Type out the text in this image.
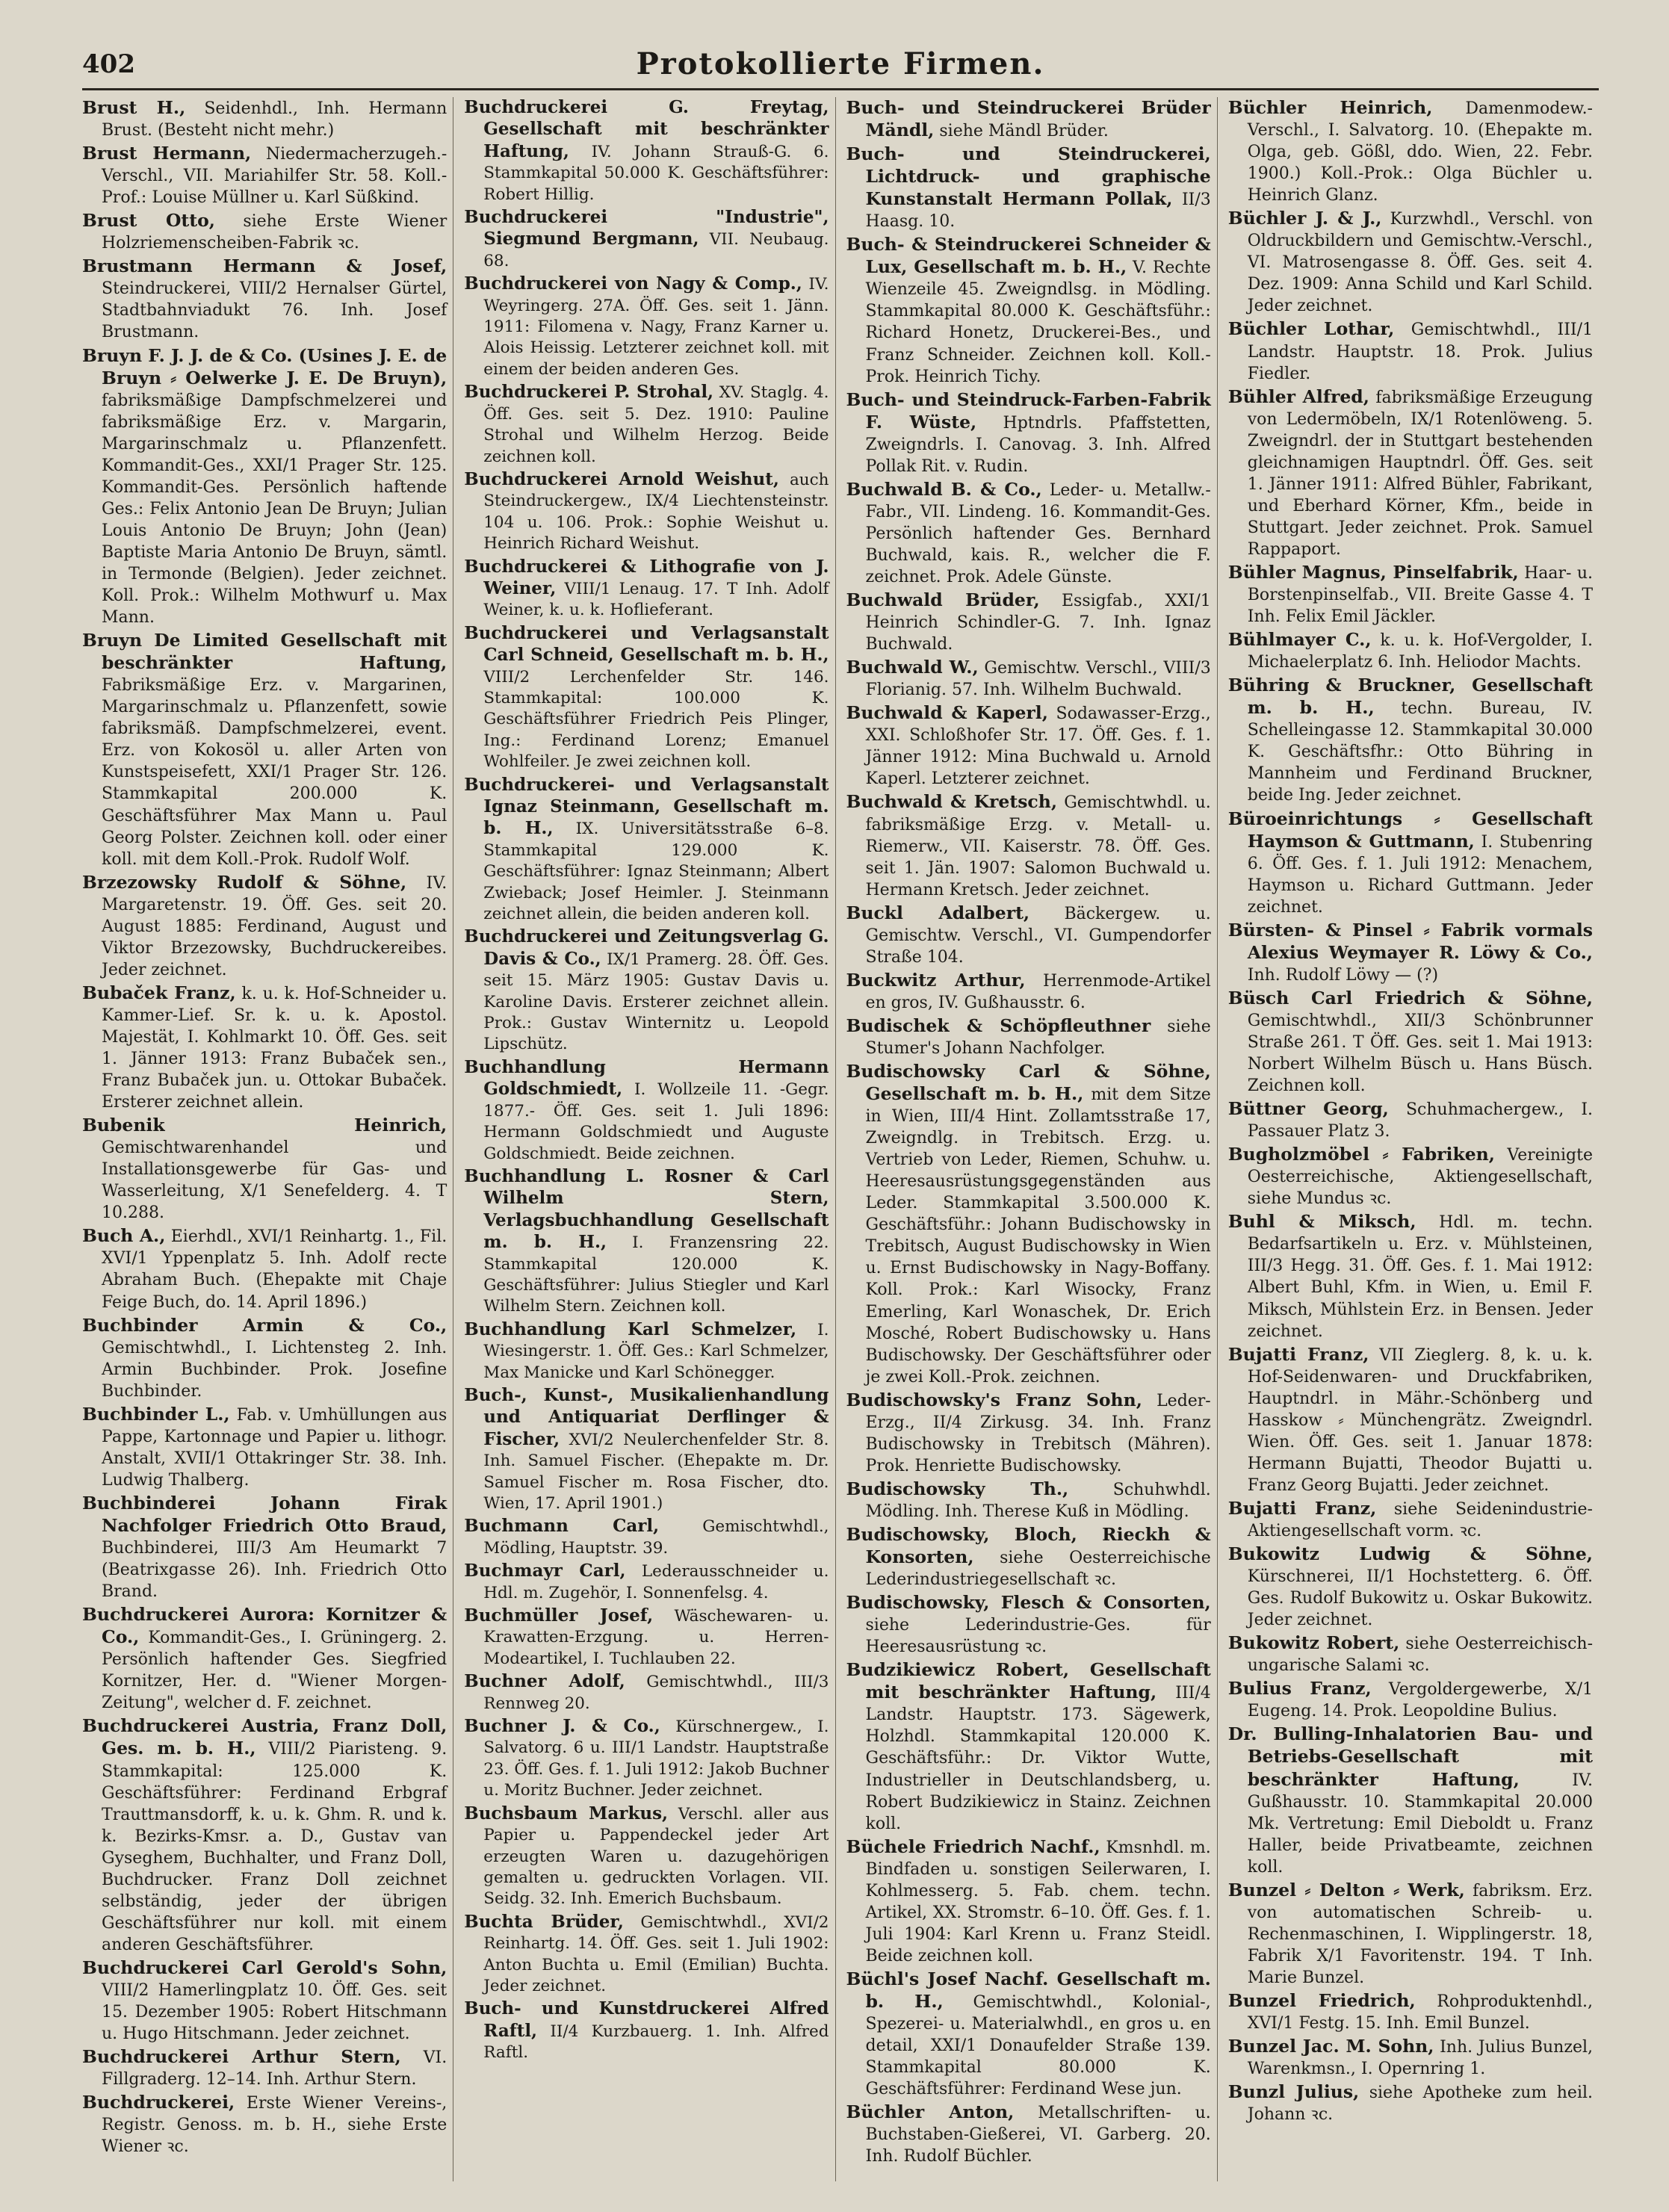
402	Protokollierte Firmen.

Brust H., Seidenhdl., Inh. Hermann Brust. (Besteht nicht mehr.)

Brust Hermann, Niedermacherzugeh.-Verschl., VII. Mariahilfer Str. 58. Koll.-Prof.: Louise Müllner u. Karl Süßkind.

Brust Otto, siehe Erste Wiener Holzriemenscheiben-Fabrik ꝛc.

Brustmann Hermann & Josef, Steindruckerei, VIII/2 Hernalser Gürtel, Stadtbahnviadukt 76. Inh. Josef Brustmann.

Bruyn F. J. J. de & Co. (Usines J. E. de Bruyn ⸗ Oelwerke J. E. De Bruyn), fabriksmäßige Dampfschmelzerei und fabriksmäßige Erz. v. Margarin, Margarinschmalz u. Pflanzenfett. Kommandit-Ges., XXI/1 Prager Str. 125. Kommandit-Ges. Persönlich haftende Ges.: Felix Antonio Jean De Bruyn; Julian Louis Antonio De Bruyn; John (Jean) Baptiste Maria Antonio De Bruyn, sämtl. in Termonde (Belgien). Jeder zeichnet. Koll. Prok.: Wilhelm Mothwurf u. Max Mann.

Bruyn De Limited Gesellschaft mit beschränkter Haftung, Fabriksmäßige Erz. v. Margarinen, Margarinschmalz u. Pflanzenfett, sowie fabriksmäß. Dampfschmelzerei, event. Erz. von Kokosöl u. aller Arten von Kunstspeisefett, XXI/1 Prager Str. 126. Stammkapital 200.000 K. Geschäftsführer Max Mann u. Paul Georg Polster. Zeichnen koll. oder einer koll. mit dem Koll.-Prok. Rudolf Wolf.

Brzezowsky Rudolf & Söhne, IV. Margaretenstr. 19. Öff. Ges. seit 20. August 1885: Ferdinand, August und Viktor Brzezowsky, Buchdruckereibes. Jeder zeichnet.

Bubaček Franz, k. u. k. Hof-Schneider u. Kammer-Lief. Sr. k. u. k. Apostol. Majestät, I. Kohlmarkt 10. Öff. Ges. seit 1. Jänner 1913: Franz Bubaček sen., Franz Bubaček jun. u. Ottokar Bubaček. Ersterer zeichnet allein.

Bubenik Heinrich, Gemischtwarenhandel und Installationsgewerbe für Gas- und Wasserleitung, X/1 Senefelderg. 4. T 10.288.

Buch A., Eierhdl., XVI/1 Reinhartg. 1., Fil. XVI/1 Yppenplatz 5. Inh. Adolf recte Abraham Buch. (Ehepakte mit Chaje Feige Buch, do. 14. April 1896.)

Buchbinder Armin & Co., Gemischtwhdl., I. Lichtensteg 2. Inh. Armin Buchbinder. Prok. Josefine Buchbinder.

Buchbinder L., Fab. v. Umhüllungen aus Pappe, Kartonnage und Papier u. lithogr. Anstalt, XVII/1 Ottakringer Str. 38. Inh. Ludwig Thalberg.

Buchbinderei Johann Firak Nachfolger Friedrich Otto Braud, Buchbinderei, III/3 Am Heumarkt 7 (Beatrixgasse 26). Inh. Friedrich Otto Brand.

Buchdruckerei Aurora: Kornitzer & Co., Kommandit-Ges., I. Grüningerg. 2. Persönlich haftender Ges. Siegfried Kornitzer, Her. d. "Wiener Morgen-Zeitung", welcher d. F. zeichnet.

Buchdruckerei Austria, Franz Doll, Ges. m. b. H., VIII/2 Piaristeng. 9. Stammkapital: 125.000 K. Geschäftsführer: Ferdinand Erbgraf Trauttmansdorff, k. u. k. Ghm. R. und k. k. Bezirks-Kmsr. a. D., Gustav van Gyseghem, Buchhalter, und Franz Doll, Buchdrucker. Franz Doll zeichnet selbständig, jeder der übrigen Geschäftsführer nur koll. mit einem anderen Geschäftsführer.

Buchdruckerei Carl Gerold's Sohn, VIII/2 Hamerlingplatz 10. Öff. Ges. seit 15. Dezember 1905: Robert Hitschmann u. Hugo Hitschmann. Jeder zeichnet.

Buchdruckerei Arthur Stern, VI. Fillgraderg. 12–14. Inh. Arthur Stern.

Buchdruckerei, Erste Wiener Vereins-, Registr. Genoss. m. b. H., siehe Erste Wiener ꝛc.

Buchdruckerei G. Freytag, Gesellschaft mit beschränkter Haftung, IV. Johann Strauß-G. 6. Stammkapital 50.000 K. Geschäftsführer: Robert Hillig.

Buchdruckerei "Industrie", Siegmund Bergmann, VII. Neubaug. 68.

Buchdruckerei von Nagy & Comp., IV. Weyringerg. 27A. Öff. Ges. seit 1. Jänn. 1911: Filomena v. Nagy, Franz Karner u. Alois Heissig. Letzterer zeichnet koll. mit einem der beiden anderen Ges.

Buchdruckerei P. Strohal, XV. Staglg. 4. Öff. Ges. seit 5. Dez. 1910: Pauline Strohal und Wilhelm Herzog. Beide zeichnen koll.

Buchdruckerei Arnold Weishut, auch Steindruckergew., IX/4 Liechtensteinstr. 104 u. 106. Prok.: Sophie Weishut u. Heinrich Richard Weishut.

Buchdruckerei & Lithografie von J. Weiner, VIII/1 Lenaug. 17. T Inh. Adolf Weiner, k. u. k. Hoflieferant.

Buchdruckerei und Verlagsanstalt Carl Schneid, Gesellschaft m. b. H., VIII/2 Lerchenfelder Str. 146. Stammkapital: 100.000 K. Geschäftsführer Friedrich Peis Plinger, Ing.: Ferdinand Lorenz; Emanuel Wohlfeiler. Je zwei zeichnen koll.

Buchdruckerei- und Verlagsanstalt Ignaz Steinmann, Gesellschaft m. b. H., IX. Universitätsstraße 6–8. Stammkapital 129.000 K. Geschäftsführer: Ignaz Steinmann; Albert Zwieback; Josef Heimler. J. Steinmann zeichnet allein, die beiden anderen koll.

Buchdruckerei und Zeitungsverlag G. Davis & Co., IX/1 Pramerg. 28. Öff. Ges. seit 15. März 1905: Gustav Davis u. Karoline Davis. Ersterer zeichnet allein. Prok.: Gustav Winternitz u. Leopold Lipschütz.

Buchhandlung Hermann Goldschmiedt, I. Wollzeile 11. -Gegr. 1877.- Öff. Ges. seit 1. Juli 1896: Hermann Goldschmiedt und Auguste Goldschmiedt. Beide zeichnen.

Buchhandlung L. Rosner & Carl Wilhelm Stern, Verlagsbuchhandlung Gesellschaft m. b. H., I. Franzensring 22. Stammkapital 120.000 K. Geschäftsführer: Julius Stiegler und Karl Wilhelm Stern. Zeichnen koll.

Buchhandlung Karl Schmelzer, I. Wiesingerstr. 1. Öff. Ges.: Karl Schmelzer, Max Manicke und Karl Schönegger.

Buch-, Kunst-, Musikalienhandlung und Antiquariat Derflinger & Fischer, XVI/2 Neulerchenfelder Str. 8. Inh. Samuel Fischer. (Ehepakte m. Dr. Samuel Fischer m. Rosa Fischer, dto. Wien, 17. April 1901.)

Buchmann Carl,	Gemischtwhdl., Mödling, Hauptstr. 39.

Buchmayr Carl, Lederausschneider u. Hdl. m. Zugehör, I. Sonnenfelsg. 4.

Buchmüller Josef, Wäschewaren- u. Krawatten-Erzgung. u. Herren-Modeartikel, I. Tuchlauben 22.

Buchner Adolf, Gemischtwhdl., III/3 Rennweg 20.

Buchner J. & Co., Kürschnergew., I. Salvatorg. 6 u. III/1 Landstr. Hauptstraße 23. Öff. Ges. f. 1. Juli 1912: Jakob Buchner u. Moritz Buchner. Jeder zeichnet.

Buchsbaum Markus, Verschl. aller aus Papier u. Pappendeckel jeder Art erzeugten Waren u. dazugehörigen gemalten u. gedruckten Vorlagen. VII. Seidg. 32. Inh. Emerich Buchsbaum.

Buchta Brüder, Gemischtwhdl., XVI/2 Reinhartg. 14. Öff. Ges. seit 1. Juli 1902: Anton Buchta u. Emil (Emilian) Buchta. Jeder zeichnet.

Buch- und Kunstdruckerei Alfred Raftl, II/4 Kurzbauerg. 1. Inh. Alfred Raftl.

Buch- und Steindruckerei Brüder Mändl, siehe Mändl Brüder.

Buch- und Steindruckerei, Lichtdruck- und graphische Kunstanstalt Hermann Pollak, II/3 Haasg. 10.

Buch- & Steindruckerei Schneider & Lux, Gesellschaft m. b. H., V. Rechte Wienzeile 45. Zweigndlsg. in Mödling. Stammkapital 80.000 K. Geschäftsführ.: Richard Honetz, Druckerei-Bes., und Franz Schneider. Zeichnen koll. Koll.-Prok. Heinrich Tichy.

Buch- und Steindruck-Farben-Fabrik F. Wüste, Hptndrls. Pfaffstetten, Zweigndrls. I. Canovag. 3. Inh. Alfred Pollak Rit. v. Rudin.

Buchwald B. & Co., Leder- u. Metallw.-Fabr., VII. Lindeng. 16. Kommandit-Ges. Persönlich haftender Ges. Bernhard Buchwald, kais. R., welcher die F. zeichnet. Prok. Adele Günste.

Buchwald Brüder, Essigfab., XXI/1 Heinrich Schindler-G. 7. Inh. Ignaz Buchwald.

Buchwald W., Gemischtw. Verschl., VIII/3 Florianig. 57. Inh. Wilhelm Buchwald.

Buchwald & Kaperl, Sodawasser-Erzg., XXI. Schloßhofer Str. 17. Öff. Ges. f. 1. Jänner 1912: Mina Buchwald u. Arnold Kaperl. Letzterer zeichnet.

Buchwald & Kretsch, Gemischtwhdl. u. fabriksmäßige Erzg. v. Metall- u. Riemerw., VII. Kaiserstr. 78. Öff. Ges. seit 1. Jän. 1907: Salomon Buchwald u. Hermann Kretsch. Jeder zeichnet.

Buckl Adalbert, Bäckergew. u. Gemischtw. Verschl., VI. Gumpendorfer Straße 104.

Buckwitz Arthur, Herrenmode-Artikel en gros, IV. Gußhausstr. 6.

Budischek & Schöpfleuthner siehe Stumer's Johann Nachfolger.

Budischowsky Carl & Söhne, Gesellschaft m. b. H., mit dem Sitze in Wien, III/4 Hint. Zollamtsstraße 17, Zweigndlg. in Trebitsch. Erzg. u. Vertrieb von Leder, Riemen, Schuhw. u. Heeresausrüstungsgegenständen aus Leder. Stammkapital 3.500.000 K. Geschäftsführ.: Johann Budischowsky in Trebitsch, August Budischowsky in Wien u. Ernst Budischowsky in Nagy-Boffany. Koll. Prok.: Karl Wisocky, Franz Emerling, Karl Wonaschek, Dr. Erich Mosché, Robert Budischowsky u. Hans Budischowsky. Der Geschäftsführer oder je zwei Koll.-Prok. zeichnen.

Budischowsky's Franz Sohn, Leder-Erzg., II/4 Zirkusg. 34. Inh. Franz Budischowsky in Trebitsch (Mähren). Prok. Henriette Budischowsky.

Budischowsky Th.,	Schuhwhdl. Mödling. Inh. Therese Kuß in Mödling.

Budischowsky, Bloch, Rieckh & Konsorten, siehe Oesterreichische Lederindustriegesellschaft ꝛc.

Budischowsky, Flesch & Consorten, siehe Lederindustrie-Ges. für Heeresausrüstung ꝛc.

Budzikiewicz Robert, Gesellschaft mit beschränkter Haftung, III/4 Landstr. Hauptstr. 173. Sägewerk, Holzhdl. Stammkapital 120.000 K. Geschäftsführ.: Dr. Viktor Wutte, Industrieller in Deutschlandsberg, u. Robert Budzikiewicz in Stainz. Zeichnen koll.

Büchele Friedrich Nachf., Kmsnhdl. m. Bindfaden u. sonstigen Seilerwaren, I. Kohlmesserg. 5. Fab. chem. techn. Artikel, XX. Stromstr. 6–10. Öff. Ges. f. 1. Juli 1904: Karl Krenn u. Franz Steidl. Beide zeichnen koll.

Büchl's Josef Nachf. Gesellschaft m. b. H., Gemischtwhdl., Kolonial-, Spezerei- u. Materialwhdl., en gros u. en detail, XXI/1 Donaufelder Straße 139. Stammkapital 80.000 K. Geschäftsführer: Ferdinand Wese jun.

Büchler Anton, Metallschriften- u. Buchstaben-Gießerei, VI. Garberg. 20. Inh. Rudolf Büchler.

Büchler Heinrich, Damenmodew.-Verschl., I. Salvatorg. 10. (Ehepakte m. Olga, geb. Gößl, ddo. Wien, 22. Febr. 1900.) Koll.-Prok.: Olga Büchler u. Heinrich Glanz.

Büchler J. & J., Kurzwhdl., Verschl. von Oldruckbildern und Gemischtw.-Verschl., VI. Matrosengasse 8. Öff. Ges. seit 4. Dez. 1909: Anna Schild und Karl Schild. Jeder zeichnet.

Büchler Lothar, Gemischtwhdl., III/1 Landstr. Hauptstr. 18. Prok. Julius Fiedler.

Bühler Alfred, fabriksmäßige Erzeugung von Ledermöbeln, IX/1 Rotenlöweng. 5. Zweigndrl. der in Stuttgart bestehenden gleichnamigen Hauptndrl. Öff. Ges. seit 1. Jänner 1911: Alfred Bühler, Fabrikant, und Eberhard Körner, Kfm., beide in Stuttgart. Jeder zeichnet. Prok. Samuel Rappaport.

Bühler Magnus, Pinselfabrik, Haar- u. Borstenpinselfab., VII. Breite Gasse 4. T Inh. Felix Emil Jäckler.

Bühlmayer C., k. u. k. Hof-Vergolder, I. Michaelerplatz 6. Inh. Heliodor Machts.

Bühring & Bruckner, Gesellschaft m. b. H., techn. Bureau, IV. Schelleingasse 12. Stammkapital 30.000 K. Geschäftsfhr.: Otto Bühring in Mannheim und Ferdinand Bruckner, beide Ing. Jeder zeichnet.

Büroeinrichtungs ⸗ Gesellschaft Haymson & Guttmann, I. Stubenring 6. Öff. Ges. f. 1. Juli 1912: Menachem, Haymson u. Richard Guttmann. Jeder zeichnet.

Bürsten- & Pinsel ⸗ Fabrik vormals Alexius Weymayer R. Löwy & Co., Inh. Rudolf Löwy — (?)

Büsch Carl Friedrich & Söhne, Gemischtwhdl., XII/3 Schönbrunner Straße 261. T Öff. Ges. seit 1. Mai 1913: Norbert Wilhelm Büsch u. Hans Büsch. Zeichnen koll.

Büttner Georg, Schuhmachergew., I. Passauer Platz 3.

Bugholzmöbel ⸗ Fabriken, Vereinigte Oesterreichische, Aktiengesellschaft, siehe Mundus ꝛc.

Buhl & Miksch, Hdl. m. techn. Bedarfsartikeln u. Erz. v. Mühlsteinen, III/3 Hegg. 31. Öff. Ges. f. 1. Mai 1912: Albert Buhl, Kfm. in Wien, u. Emil F. Miksch, Mühlstein Erz. in Bensen. Jeder zeichnet.

Bujatti Franz, VII Zieglerg. 8, k. u. k. Hof-Seidenwaren- und Druckfabriken, Hauptndrl. in Mähr.-Schönberg und Hasskow ⸗ Münchengrätz. Zweigndrl. Wien. Öff. Ges. seit 1. Januar 1878: Hermann Bujatti, Theodor Bujatti u. Franz Georg Bujatti. Jeder zeichnet.

Bujatti Franz, siehe Seidenindustrie-Aktiengesellschaft vorm. ꝛc.

Bukowitz Ludwig & Söhne, Kürschnerei, II/1 Hochstetterg. 6. Öff. Ges. Rudolf Bukowitz u. Oskar Bukowitz. Jeder zeichnet.

Bukowitz Robert, siehe Oesterreichisch-ungarische Salami ꝛc.

Bulius Franz, Vergoldergewerbe, X/1 Eugeng. 14. Prok. Leopoldine Bulius.

Dr. Bulling-Inhalatorien Bau- und Betriebs-Gesellschaft mit beschränkter Haftung,	IV. Gußhausstr. 10. Stammkapital 20.000 Mk. Vertretung: Emil Dieboldt u. Franz Haller, beide Privatbeamte, zeichnen koll.

Bunzel ⸗ Delton ⸗ Werk, fabriksm. Erz. von automatischen Schreib- u. Rechenmaschinen, I. Wipplingerstr. 18, Fabrik X/1 Favoritenstr. 194. T Inh. Marie Bunzel.

Bunzel Friedrich, Rohproduktenhdl., XVI/1 Festg. 15. Inh. Emil Bunzel.

Bunzel Jac. M. Sohn, Inh. Julius Bunzel, Warenkmsn., I. Opernring 1.

Bunzl Julius, siehe Apotheke zum heil. Johann ꝛc.
